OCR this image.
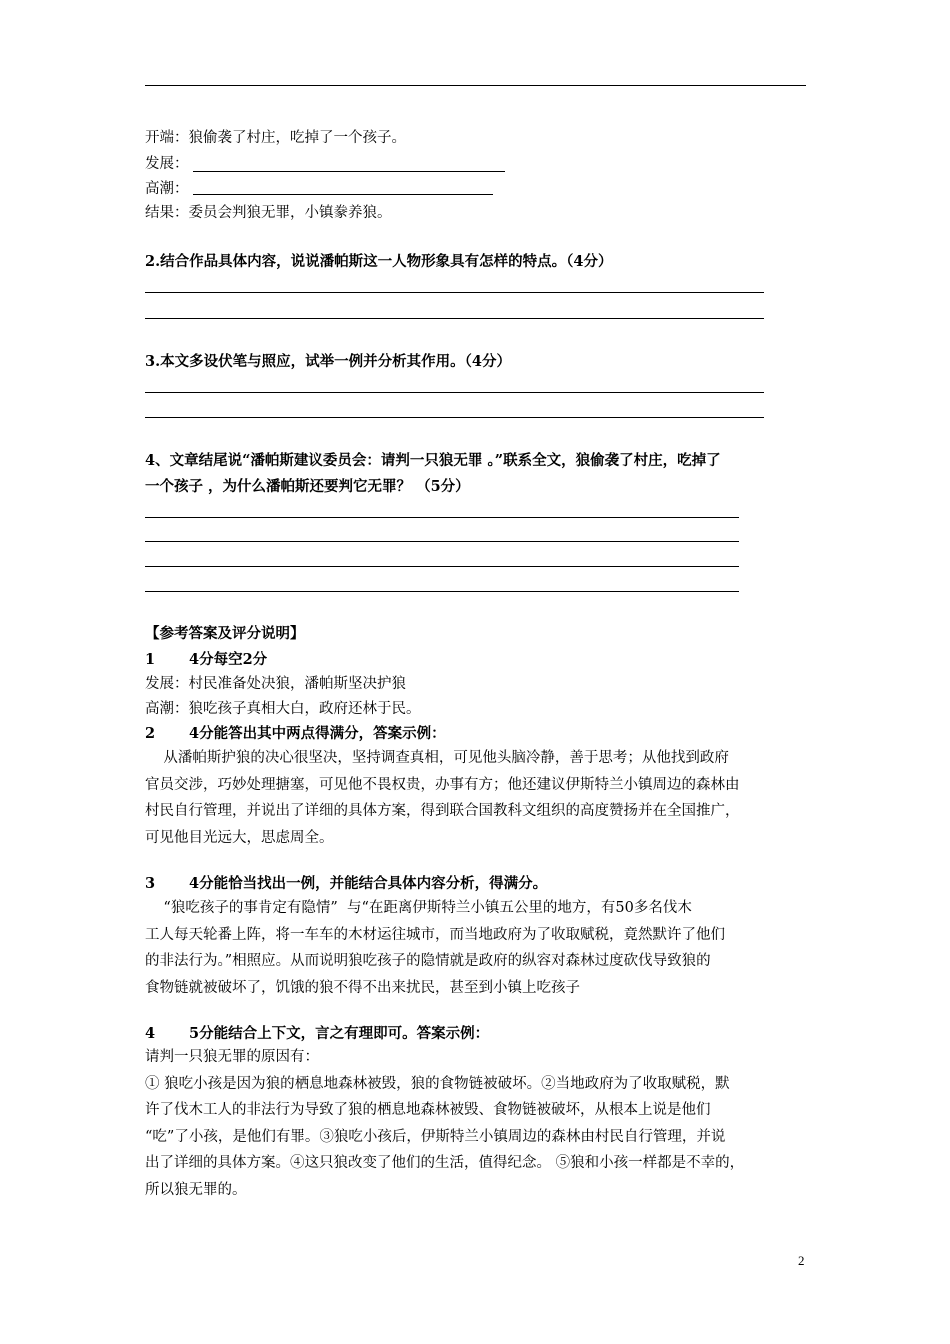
开端：狼偷袭了村庄，吃掉了一个孩子。
发展：
高潮：
结果：委员会判狼无罪，小镇豢养狼。
2.结合作品具体内容，说说潘帕斯这一人物形象具有怎样的特点。（4分）
3.本文多设伏笔与照应，试举一例并分析其作用。（4分）
4、文章结尾说“潘帕斯建议委员会：请判一只狼无罪 。”联系全文，狼偷袭了村庄，吃掉了
一个孩子 ，为什么潘帕斯还要判它无罪？ （5分）
【参考答案及评分说明】
1 4分每空2分
发展：村民准备处决狼，潘帕斯坚决护狼
高潮：狼吃孩子真相大白，政府还林于民。
2 4分能答出其中两点得满分，答案示例：
从潘帕斯护狼的决心很坚决，坚持调查真相，可见他头脑冷静，善于思考；从他找到政府
官员交涉，巧妙处理搪塞，可见他不畏权贵，办事有方；他还建议伊斯特兰小镇周边的森林由
村民自行管理，并说出了详细的具体方案，得到联合国教科文组织的高度赞扬并在全国推广，
可见他目光远大，思虑周全。
3 4分能恰当找出一例，并能结合具体内容分析，得满分。
“狼吃孩子的事肯定有隐情”  与“在距离伊斯特兰小镇五公里的地方，有50多名伐木
工人每天轮番上阵，将一车车的木材运往城市，而当地政府为了收取赋税，竟然默许了他们
的非法行为。”相照应。从而说明狼吃孩子的隐情就是政府的纵容对森林过度砍伐导致狼的
食物链就被破坏了，饥饿的狼不得不出来扰民，甚至到小镇上吃孩子
4 5分能结合上下文，言之有理即可。答案示例：
请判一只狼无罪的原因有：
① 狼吃小孩是因为狼的栖息地森林被毁，狼的食物链被破坏。②当地政府为了收取赋税，默
许了伐木工人的非法行为导致了狼的栖息地森林被毁、食物链被破坏，从根本上说是他们
“吃”了小孩，是他们有罪。③狼吃小孩后，伊斯特兰小镇周边的森林由村民自行管理，并说
出了详细的具体方案。④这只狼改变了他们的生活，值得纪念。 ⑤狼和小孩一样都是不幸的，
所以狼无罪的。
2
